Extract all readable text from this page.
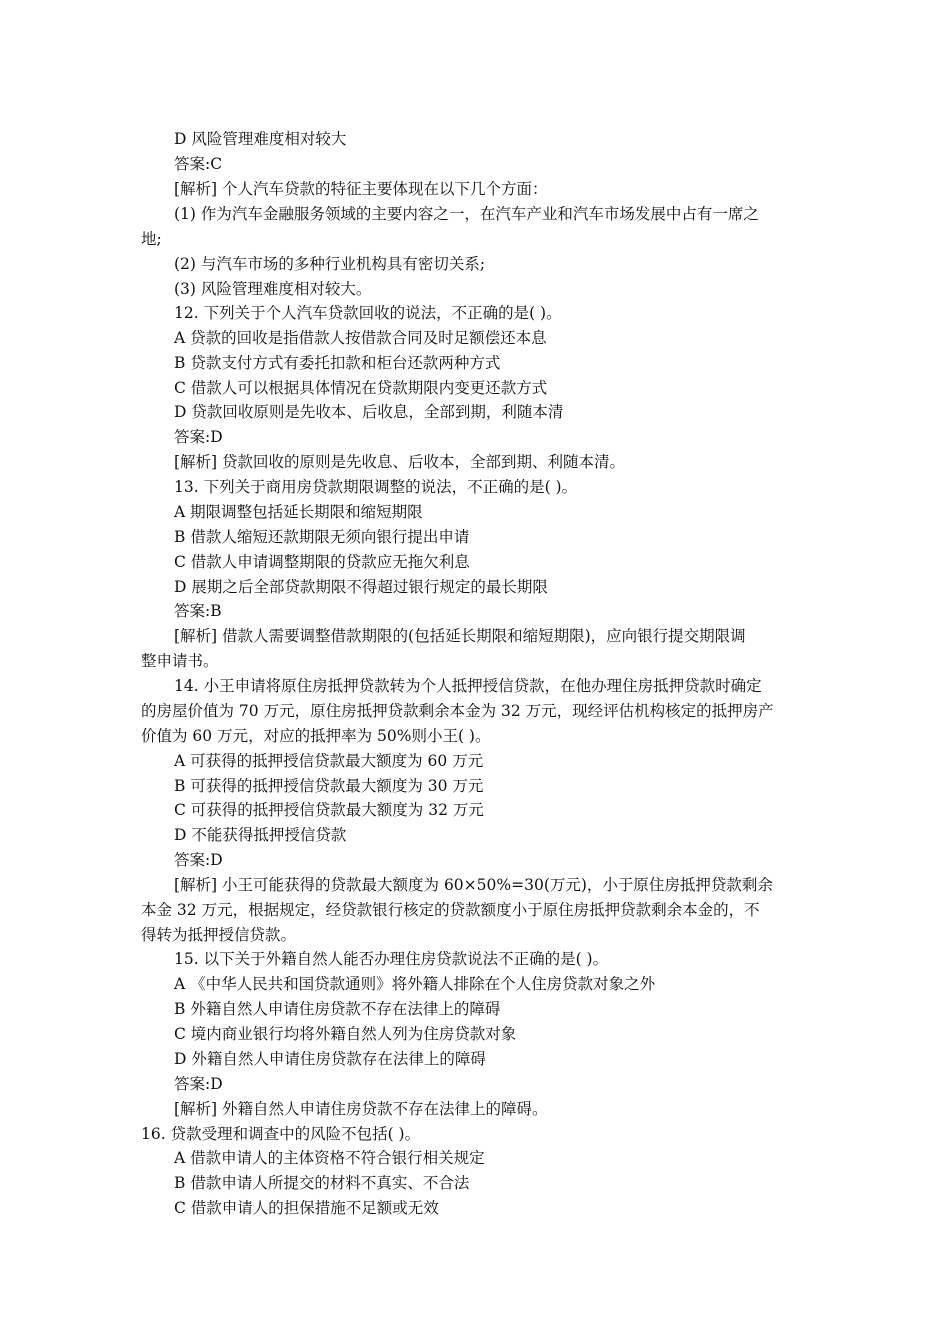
D 风险管理难度相对较大

答案:C

[解析] 个人汽车贷款的特征主要体现在以下几个方面：

(1) 作为汽车金融服务领域的主要内容之一，在汽车产业和汽车市场发展中占有一席之

地;

(2) 与汽车市场的多种行业机构具有密切关系;

(3) 风险管理难度相对较大。

12. 下列关于个人汽车贷款回收的说法，不正确的是( )。

A 贷款的回收是指借款人按借款合同及时足额偿还本息

B 贷款支付方式有委托扣款和柜台还款两种方式

C 借款人可以根据具体情况在贷款期限内变更还款方式

D 贷款回收原则是先收本、后收息，全部到期，利随本清

答案:D

[解析] 贷款回收的原则是先收息、后收本，全部到期、利随本清。

13. 下列关于商用房贷款期限调整的说法，不正确的是( )。

A 期限调整包括延长期限和缩短期限

B 借款人缩短还款期限无须向银行提出申请

C 借款人申请调整期限的贷款应无拖欠利息

D 展期之后全部贷款期限不得超过银行规定的最长期限

答案:B

[解析] 借款人需要调整借款期限的(包括延长期限和缩短期限)，应向银行提交期限调

整申请书。

14. 小王申请将原住房抵押贷款转为个人抵押授信贷款，在他办理住房抵押贷款时确定

的房屋价值为 70 万元，原住房抵押贷款剩余本金为 32 万元，现经评估机构核定的抵押房产

价值为 60 万元，对应的抵押率为 50%则小王( )。

A 可获得的抵押授信贷款最大额度为 60 万元

B 可获得的抵押授信贷款最大额度为 30 万元

C 可获得的抵押授信贷款最大额度为 32 万元

D 不能获得抵押授信贷款

答案:D

[解析] 小王可能获得的贷款最大额度为 60×50%=30(万元)，小于原住房抵押贷款剩余

本金 32 万元，根据规定，经贷款银行核定的贷款额度小于原住房抵押贷款剩余本金的，不

得转为抵押授信贷款。

15. 以下关于外籍自然人能否办理住房贷款说法不正确的是( )。

A 《中华人民共和国贷款通则》将外籍人排除在个人住房贷款对象之外

B 外籍自然人申请住房贷款不存在法律上的障碍

C 境内商业银行均将外籍自然人列为住房贷款对象

D 外籍自然人申请住房贷款存在法律上的障碍

答案:D

[解析] 外籍自然人申请住房贷款不存在法律上的障碍。

16. 贷款受理和调查中的风险不包括( )。

A 借款申请人的主体资格不符合银行相关规定

B 借款申请人所提交的材料不真实、不合法

C 借款申请人的担保措施不足额或无效
